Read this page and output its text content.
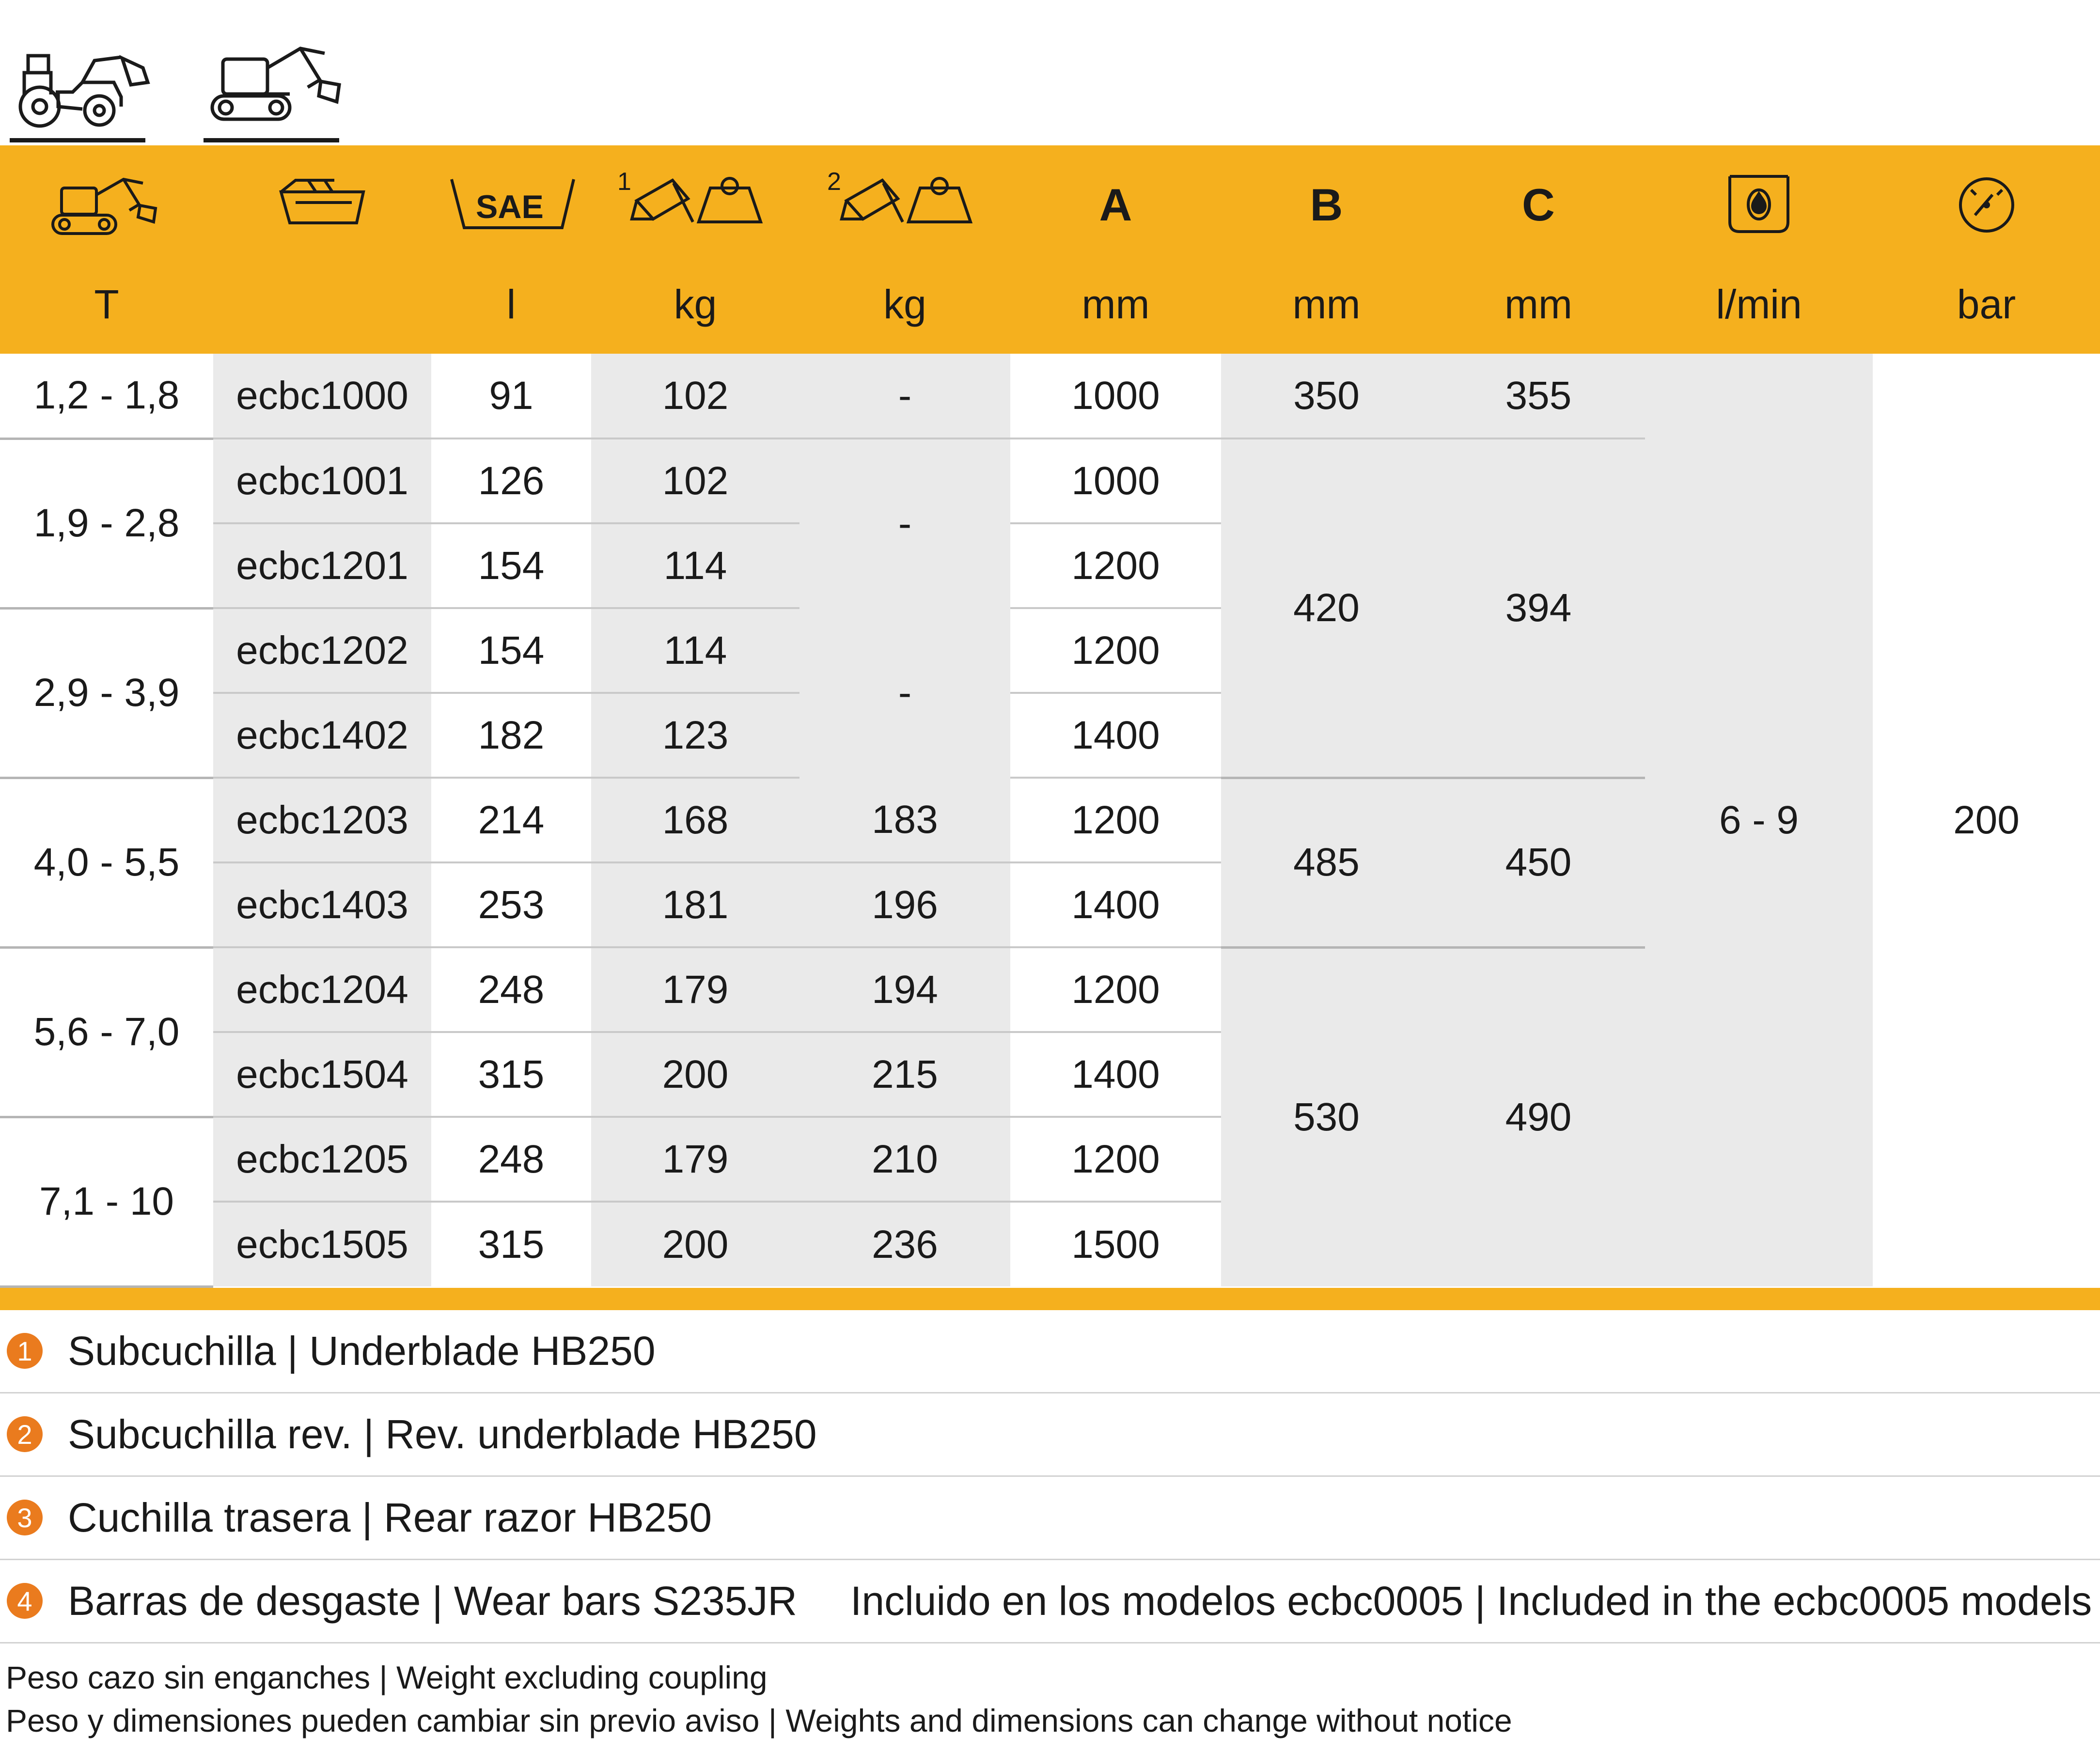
SAE	1	2	A	B	C

T		l	kg	kg	mm	mm	mm	l/min	bar
1,2 - 1,8	ecbc1000	91	102	-	1000	350	355	6 - 9	200
1,9 - 2,8	ecbc1001	126	102	-	1000	420	394		
	ecbc1201	154	114		1200				
2,9 - 3,9	ecbc1202	154	114	-	1200				
	ecbc1402	182	123		1400				
4,0 - 5,5	ecbc1203	214	168	183	1200	485	450		
	ecbc1403	253	181	196	1400				
5,6 - 7,0	ecbc1204	248	179	194	1200	530	490		
	ecbc1504	315	200	215	1400				
7,1 - 10	ecbc1205	248	179	210	1200				
	ecbc1505	315	200	236	1500				
1 Subcuchilla | Underblade HB250
2 Subcuchilla rev. | Rev. underblade HB250
3 Cuchilla trasera | Rear razor HB250
4 Barras de desgaste | Wear bars S235JR Incluido en los modelos ecbc0005 | Included in the ecbc0005 models
Peso cazo sin enganches | Weight excluding coupling
Peso y dimensiones pueden cambiar sin previo aviso | Weights and dimensions can change without notice
